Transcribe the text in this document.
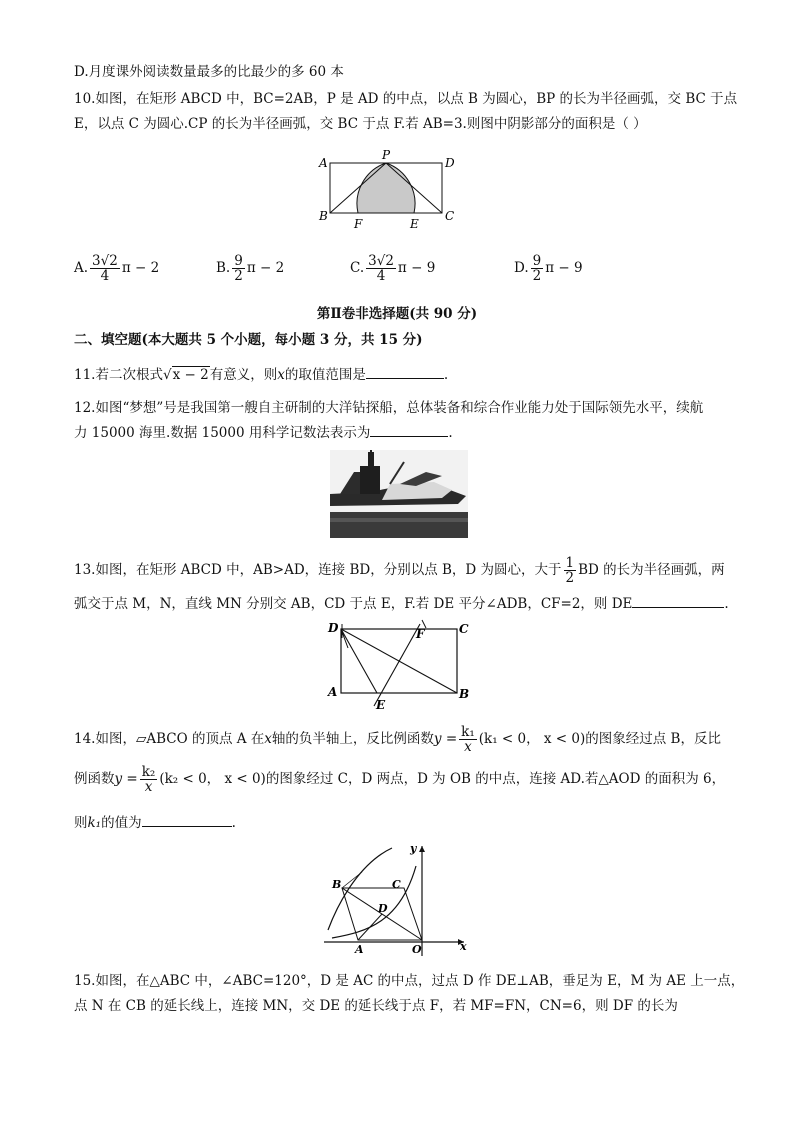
D.月度课外阅读数量最多的比最少的多 60 本
10.如图，在矩形 ABCD 中，BC=2AB，P 是 AD 的中点，以点 B 为圆心，BP 的长为半径画弧，交 BC 于点
E，以点 C 为圆心.CP 的长为半径画弧，交 BC 于点 F.若 AB=3.则图中阴影部分的面积是（ ）
A
P
D
B
F	E
C
A. $\frac{3√2}{4}$ π − 2	B. $\frac{9}{2}$ π − 2	C. $\frac{3√2}{4}$ π − 9	D. $\frac{9}{2}$ π − 9
第Ⅱ卷非选择题(共 90 分)
二、填空题(本大题共 5 个小题，每小题 3 分，共 15 分)
11.若二次根式√x − 2有意义，则x的取值范围是	.
12.如图“梦想”号是我国第一艘自主研制的大洋钻探船，总体装备和综合作业能力处于国际领先水平，续航
力 15000 海里.数据 15000 用科学记数法表示为	.
13.如图，在矩形 ABCD 中，AB>AD，连接 BD，分别以点 B，D 为圆心，大于 $\frac{1}{2}$ BD 的长为半径画弧，两
弧交于点 M，N，直线 MN 分别交 AB，CD 于点 E，F.若 DE 平分∠ADB，CF=2，则 DE	.
D	F	C
A
E
B
14.如图，▱ABCO 的顶点 A 在x轴的负半轴上，反比例函数$y = \frac{\text{k₁}}{x} (k_1 < 0$， x < 0)的图象经过点 B，反比
例函数$y = \frac{\text{k₂}}{x} (k_2 < 0$， x < 0)的图象经过 C，D 两点，D 为 OB 的中点，连接 AD.若△AOD 的面积为 6，
则k₁的值为	.
x
y
B	C
D
A	O
15.如图，在△ABC 中，∠ABC=120°，D 是 AC 的中点，过点 D 作 DE⊥AB，垂足为 E，M 为 AE 上一点，
点 N 在 CB 的延长线上，连接 MN，交 DE 的延长线于点 F，若 MF=FN，CN=6，则 DF 的长为
